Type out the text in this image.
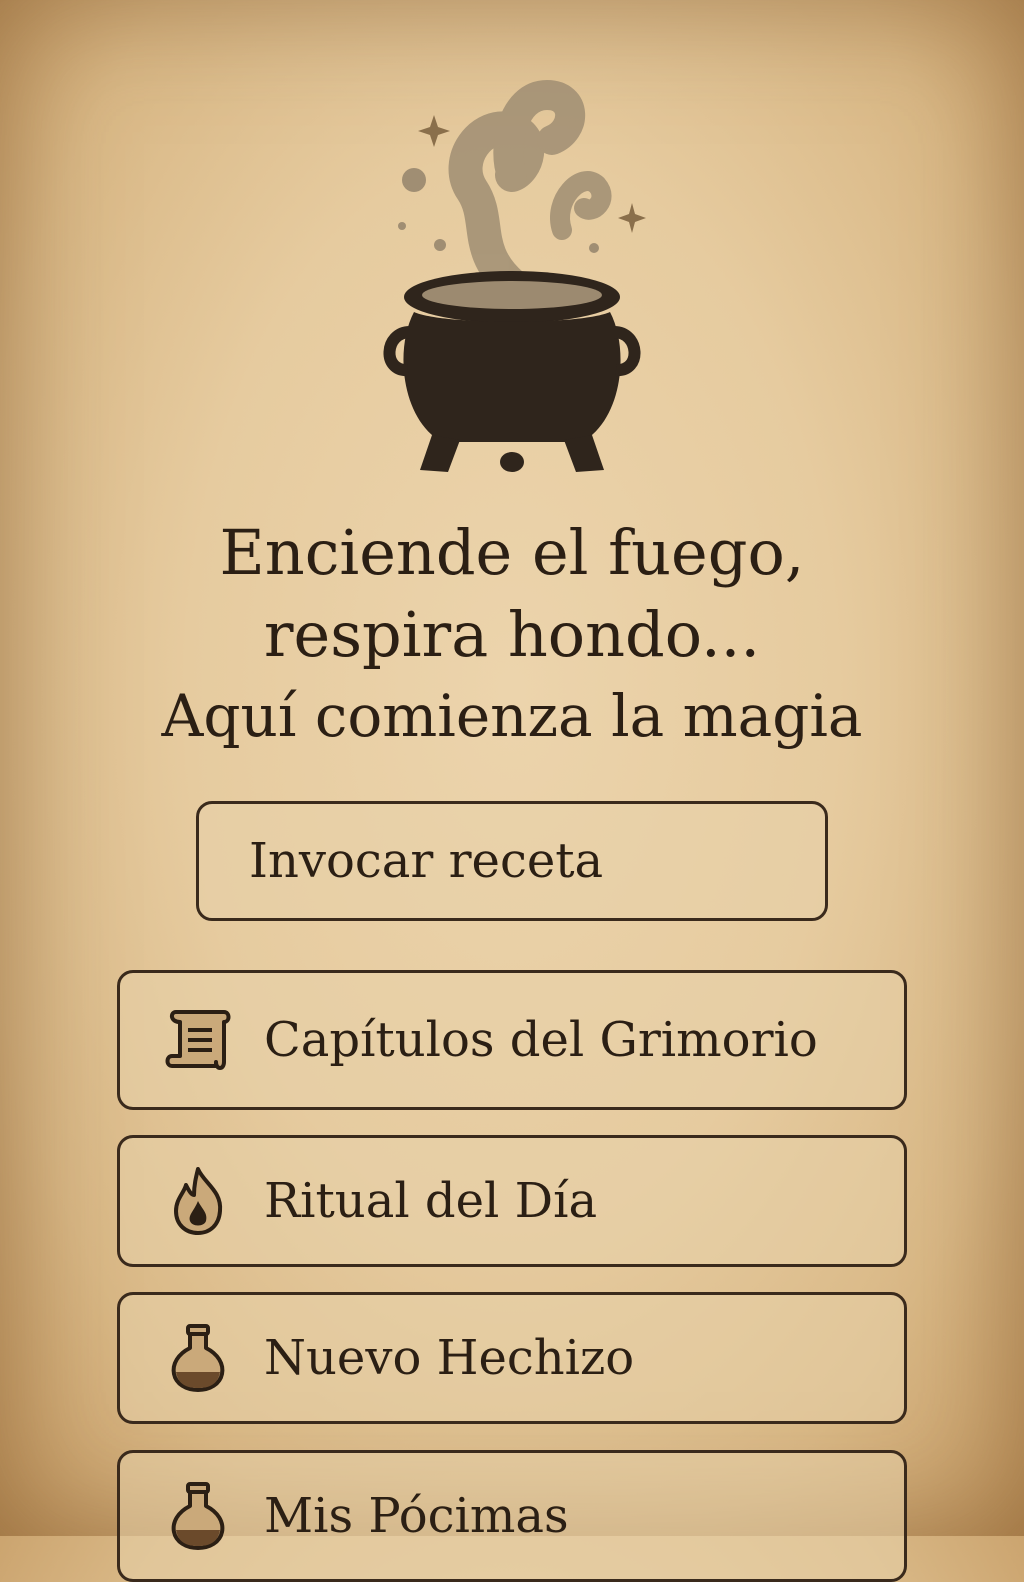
Enciende el fuego,
respira hondo...
Aquí comienza la magia
Invocar receta
Capítulos del Grimorio
Ritual del Día
Nuevo Hechizo
Mis Pócimas
